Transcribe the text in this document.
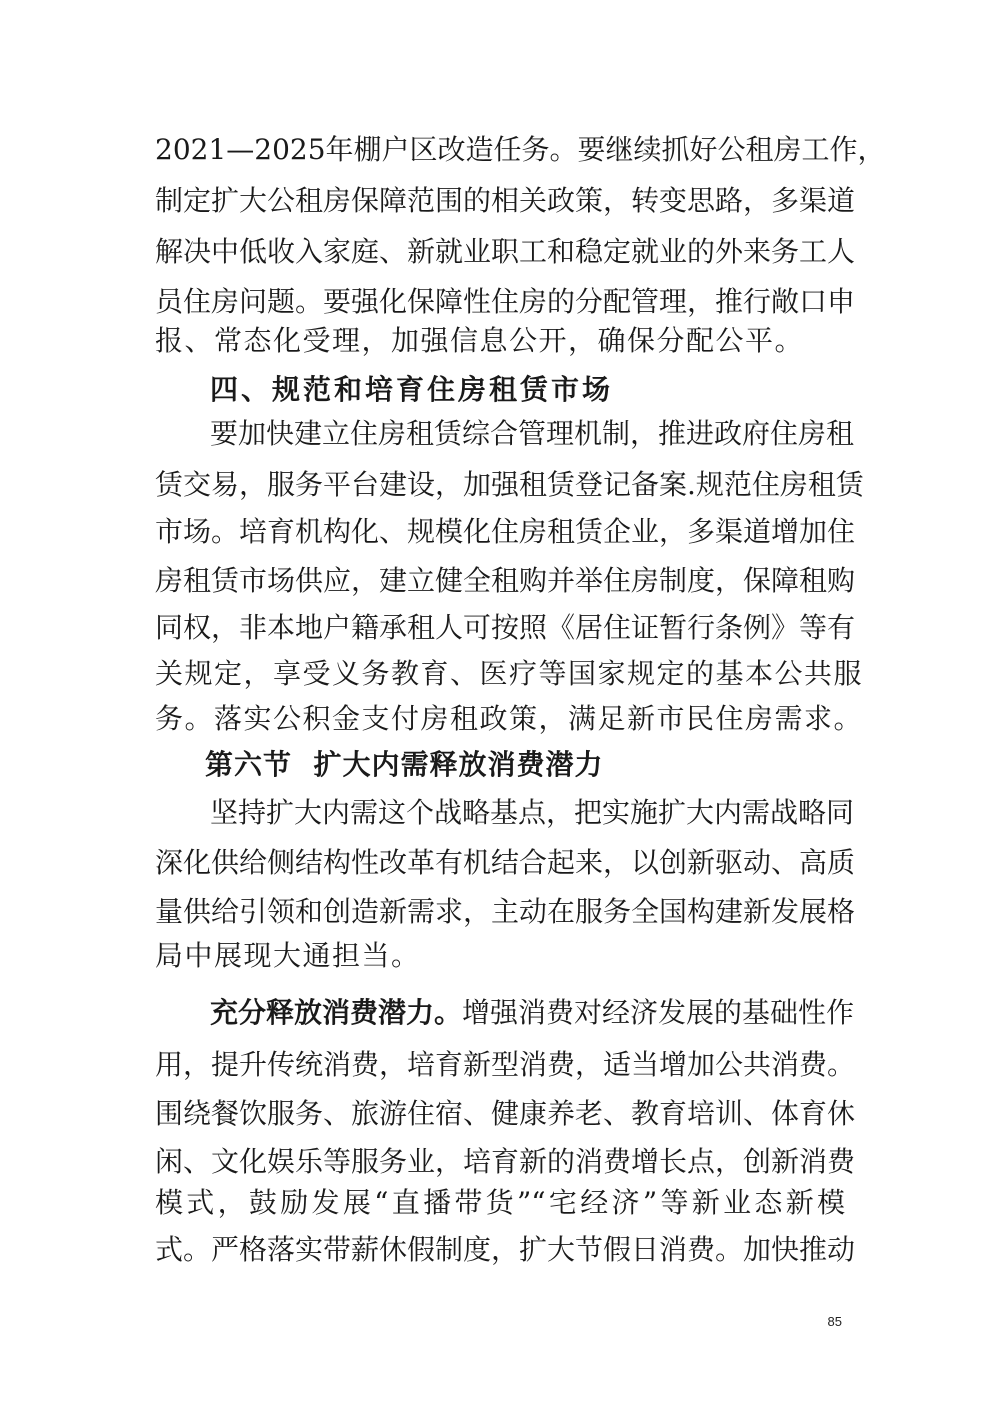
2021—2025年棚户区改造任务。要继续抓好公租房工作，
制定扩大公租房保障范围的相关政策，转变思路，多渠道
解决中低收入家庭、新就业职工和稳定就业的外来务工人
员住房问题。要强化保障性住房的分配管理，推行敞口申
报、常态化受理，加强信息公开，确保分配公平。
四、规范和培育住房租赁市场
要加快建立住房租赁综合管理机制，推进政府住房租
赁交易，服务平台建设，加强租赁登记备案.规范住房租赁
市场。培育机构化、规模化住房租赁企业，多渠道增加住
房租赁市场供应，建立健全租购并举住房制度，保障租购
同权，非本地户籍承租人可按照《居住证暂行条例》等有
关规定，享受义务教育、医疗等国家规定的基本公共服
务。落实公积金支付房租政策，满足新市民住房需求。
第六节  扩大内需释放消费潜力
坚持扩大内需这个战略基点，把实施扩大内需战略同
深化供给侧结构性改革有机结合起来，以创新驱动、高质
量供给引领和创造新需求，主动在服务全国构建新发展格
局中展现大通担当。
充分释放消费潜力。增强消费对经济发展的基础性作
用，提升传统消费，培育新型消费，适当增加公共消费。
围绕餐饮服务、旅游住宿、健康养老、教育培训、体育休
闲、文化娱乐等服务业，培育新的消费增长点，创新消费
模式，鼓励发展“直播带货”“宅经济”等新业态新模
式。严格落实带薪休假制度，扩大节假日消费。加快推动
85
